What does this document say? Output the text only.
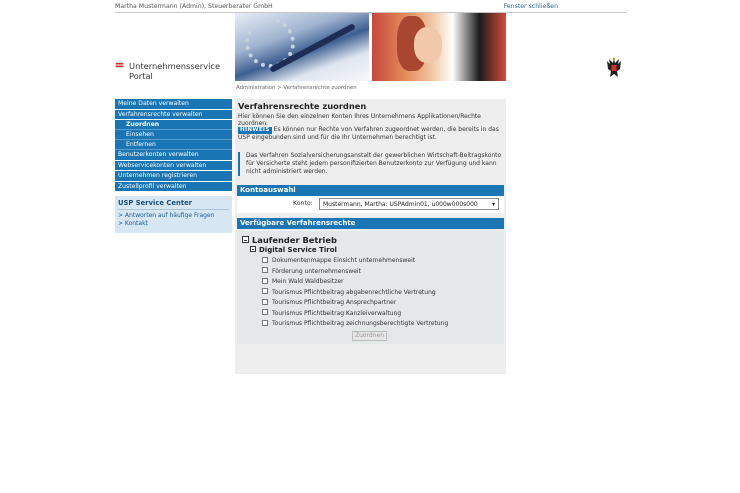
Martha Mustermann (Admin), Steuerberater GmbH	Fenster schließen
Unternehmensservice
Portal
Administration > Verfahrensrechte zuordnen
Meine Daten verwalten
Verfahrensrechte verwalten
Zuordnen
Einsehen
Entfernen
Benutzerkonten verwalten
Webservicekonten verwalten
Unternehmen registrieren
Zustellprofil verwalten
USP Service Center
> Antworten auf häufige Fragen
> Kontakt
Verfahrensrechte zuordnen
Hier können Sie den einzelnen Konten Ihres Unternehmens Applikationen/Rechte zuordnen.
HINWEIS Es können nur Rechte von Verfahren zugeordnet werden, die bereits in das USP eingebunden sind und für die Ihr Unternehmen berechtigt ist.
Das Verfahren Sozialversicherungsanstalt der gewerblichen Wirtschaft-Beitragskonto für Versicherte steht jedem personifizierten Benutzerkonto zur Verfügung und kann nicht administriert werden.
Kontoauswahl
Konto:	Mustermann, Martha: USPAdmin01, u000w000s000 ▾
Verfügbare Verfahrensrechte
Laufender Betrieb
Digital Service Tirol
Dokumentenmappe Einsicht unternehmensweit
Förderung unternehmensweit
Mein Wald Waldbesitzer
Tourismus Pflichtbeitrag abgabenrechtliche Vertretung
Tourismus Pflichtbeitrag Ansprechpartner
Tourismus Pflichtbeitrag Kanzleiverwaltung
Tourismus Pflichtbeitrag zeichnungsberechtigte Vertretung
Zuordnen
